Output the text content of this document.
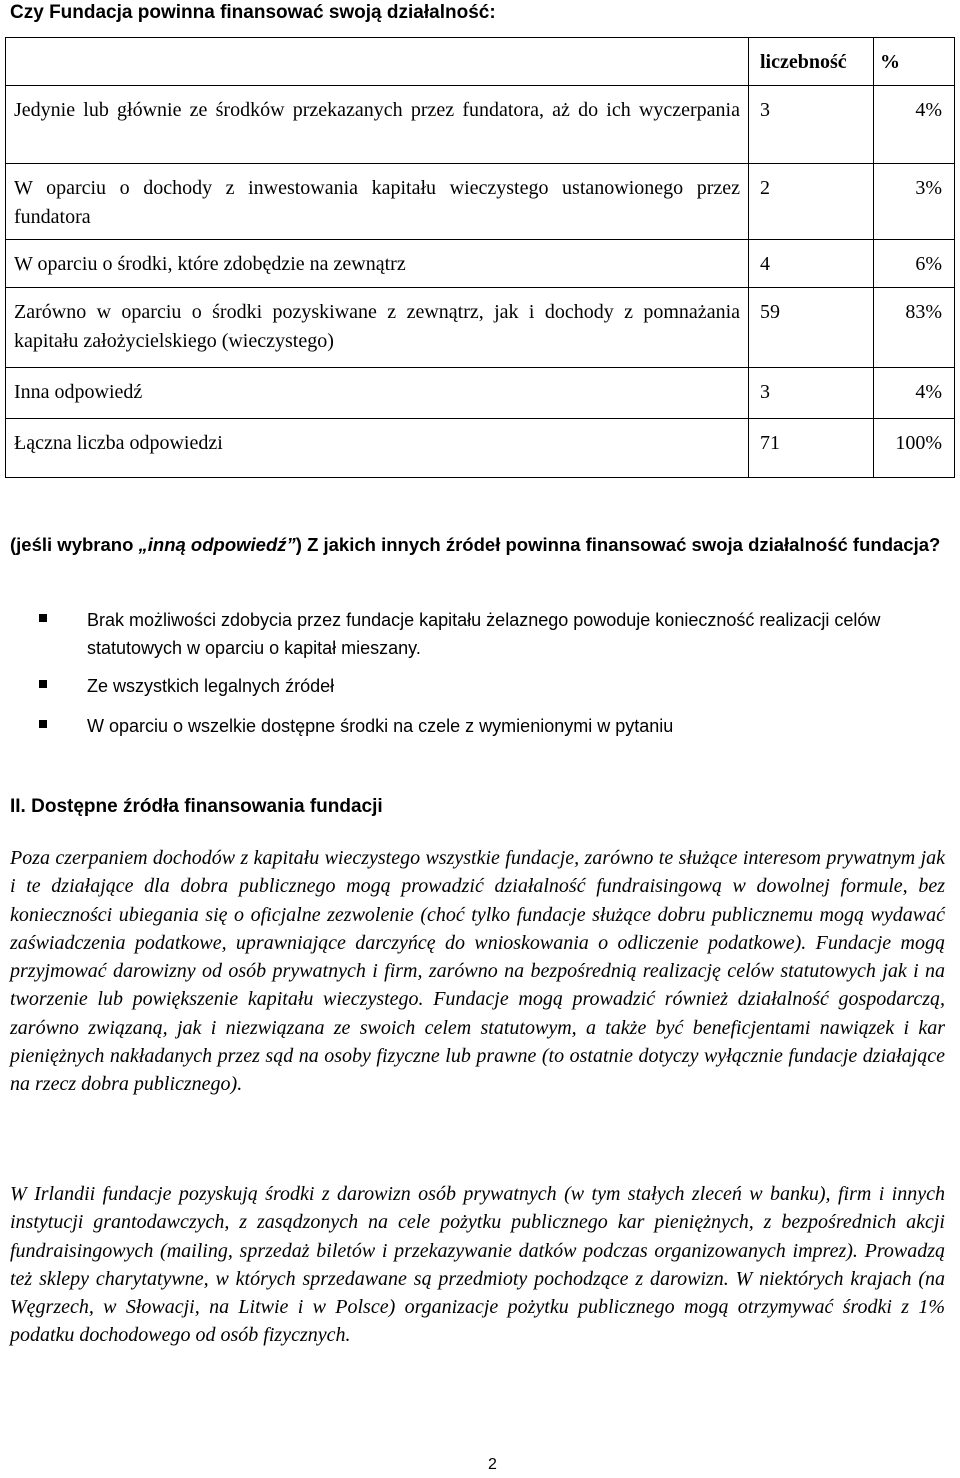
Czy Fundacja powinna finansować swoją działalność:

	liczebność	%

Jedynie lub głównie ze środków przekazanych przez fundatora, aż do ich wyczerpania	3	4%

W oparciu o dochody z inwestowania kapitału wieczystego ustanowionego przez fundatora	2	3%

W oparciu o środki, które zdobędzie na zewnątrz	4	6%

Zarówno w oparciu o środki pozyskiwane z zewnątrz, jak i dochody z pomnażania kapitału założycielskiego (wieczystego)	59	83%

Inna odpowiedź	3	4%

Łączna liczba odpowiedzi	71	100%

(jeśli wybrano „inną odpowiedź”) Z jakich innych źródeł powinna finansować swoja działalność fundacja?

Brak możliwości zdobycia przez fundacje kapitału żelaznego powoduje konieczność realizacji celów statutowych w oparciu o kapitał mieszany.
Ze wszystkich legalnych źródeł
W oparciu o wszelkie dostępne środki na czele z wymienionymi w pytaniu

II. Dostępne źródła finansowania fundacji

Poza czerpaniem dochodów z kapitału wieczystego wszystkie fundacje, zarówno te służące interesom prywatnym jak i te działające dla dobra publicznego mogą prowadzić działalność fundraisingową w dowolnej formule, bez konieczności ubiegania się o oficjalne zezwolenie (choć tylko fundacje służące dobru publicznemu mogą wydawać zaświadczenia podatkowe, uprawniające darczyńcę do wnioskowania o odliczenie podatkowe). Fundacje mogą przyjmować darowizny od osób prywatnych i firm, zarówno na bezpośrednią realizację celów statutowych jak i na tworzenie lub powiększenie kapitału wieczystego. Fundacje mogą prowadzić również działalność gospodarczą, zarówno związaną, jak i niezwiązana ze swoich celem statutowym, a także być beneficjentami nawiązek i kar pieniężnych nakładanych przez sąd na osoby fizyczne lub prawne (to ostatnie dotyczy wyłącznie fundacje działające na rzecz dobra publicznego).

W Irlandii fundacje pozyskują środki z darowizn osób prywatnych (w tym stałych zleceń w banku), firm i innych instytucji grantodawczych, z zasądzonych na cele pożytku publicznego kar pieniężnych, z bezpośrednich akcji fundraisingowych (mailing, sprzedaż biletów i przekazywanie datków podczas organizowanych imprez). Prowadzą też sklepy charytatywne, w których sprzedawane są przedmioty pochodzące z darowizn. W niektórych krajach (na Węgrzech, w Słowacji, na Litwie i w Polsce) organizacje pożytku publicznego mogą otrzymywać środki z 1% podatku dochodowego od osób fizycznych.

2
